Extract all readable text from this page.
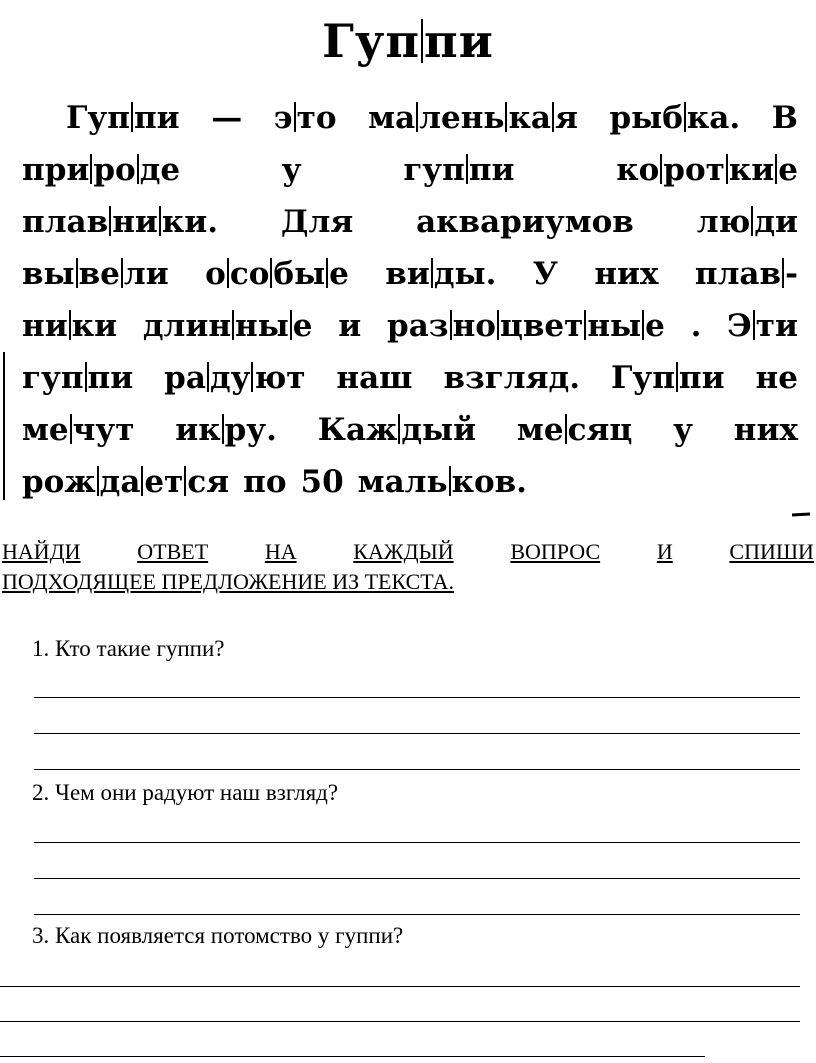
Гуппи
Гуп пи — э то ма лень ка я рыб ка. В
при ро де	у	гуп пи	ко рот ки е
плав ни ки. Для аквариумов лю ди
вы ве ли о со бы е ви ды. У них плав -
ни ки длин ны е и раз но цвет ны е . Э ти
гуп пи ра ду ют наш взгляд. Гуп пи не
ме чут ик ру. Каж дый ме сяц у них
рож да ет ся по 50 маль ков.
НАЙДИ	ОТВЕТ	НА	КАЖДЫЙ	ВОПРОС	И	СПИШИ
ПОДХОДЯЩЕЕ ПРЕДЛОЖЕНИЕ ИЗ ТЕКСТА.
1. Кто такие гуппи?
2. Чем они радуют наш взгляд?
3. Как появляется потомство у гуппи?
